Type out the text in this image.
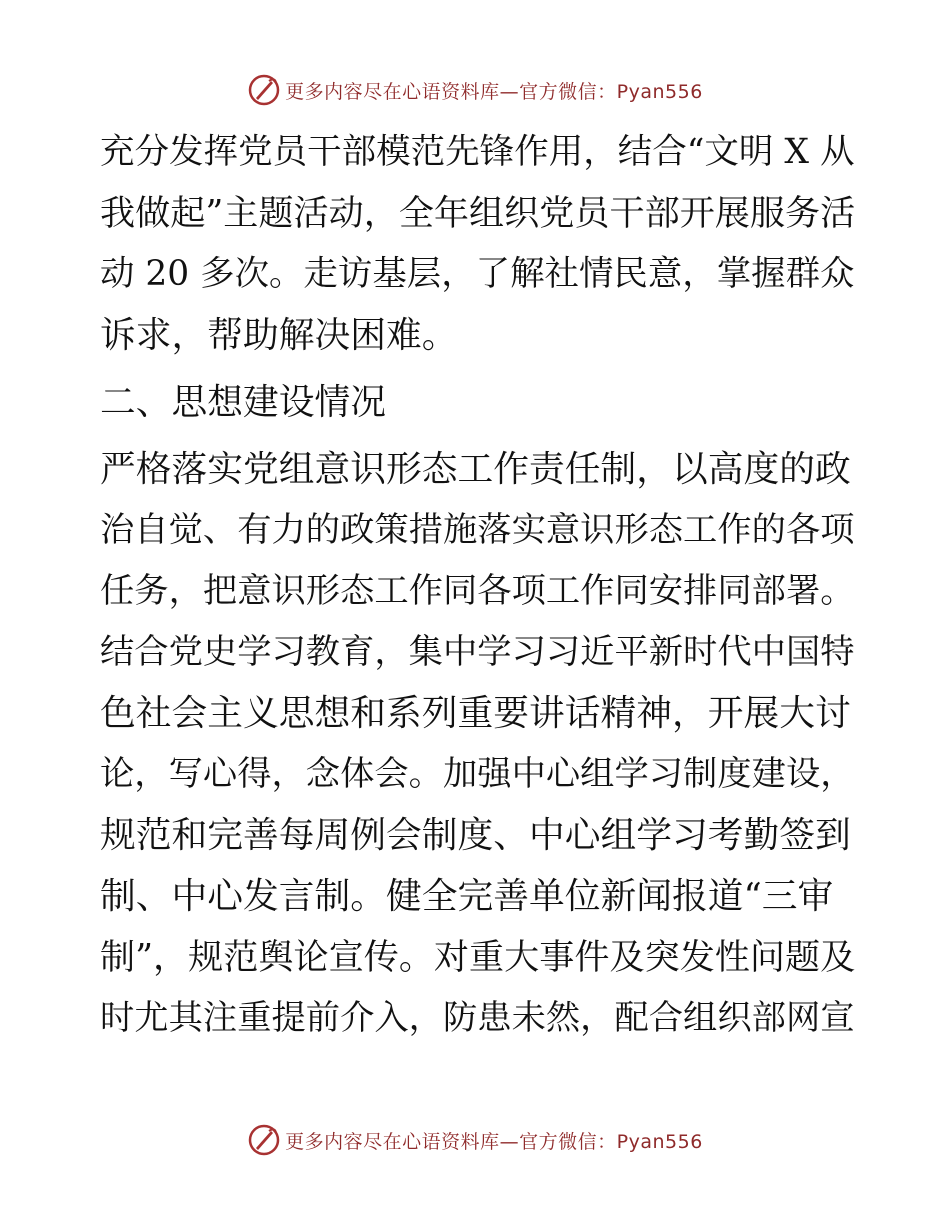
更多内容尽在心语资料库—官方微信：Pyan556
充分发挥党员干部模范先锋作用，结合“文明 X 从
我做起”主题活动，全年组织党员干部开展服务活
动 20 多次。走访基层，了解社情民意，掌握群众
诉求，帮助解决困难。
二、思想建设情况
严格落实党组意识形态工作责任制，以高度的政
治自觉、有力的政策措施落实意识形态工作的各项
任务，把意识形态工作同各项工作同安排同部署。
结合党史学习教育，集中学习习近平新时代中国特
色社会主义思想和系列重要讲话精神，开展大讨
论，写心得，念体会。加强中心组学习制度建设，
规范和完善每周例会制度、中心组学习考勤签到
制、中心发言制。健全完善单位新闻报道“三审
制”，规范舆论宣传。对重大事件及突发性问题及
时尤其注重提前介入，防患未然，配合组织部网宣
更多内容尽在心语资料库—官方微信：Pyan556
